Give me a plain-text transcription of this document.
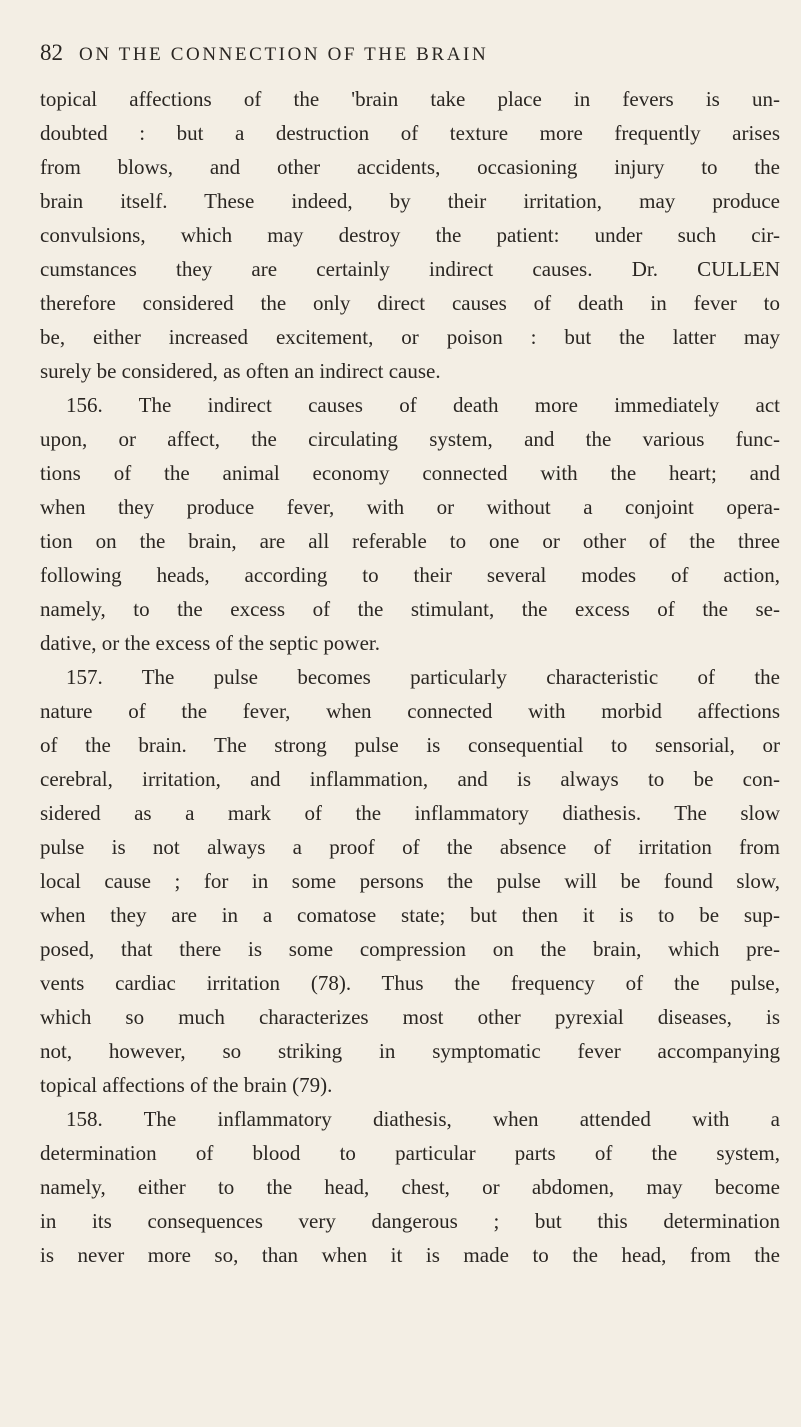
82 ON THE CONNECTION OF THE BRAIN
topical affections of the 'brain take place in fevers is un-
doubted : but a destruction of texture more frequently arises
from blows, and other accidents, occasioning injury to the
brain itself. These indeed, by their irritation, may produce
convulsions, which may destroy the patient: under such cir-
cumstances they are certainly indirect causes. Dr. CULLEN
therefore considered the only direct causes of death in fever to
be, either increased excitement, or poison : but the latter may
surely be considered, as often an indirect cause.
156. The indirect causes of death more immediately act
upon, or affect, the circulating system, and the various func-
tions of the animal economy connected with the heart; and
when they produce fever, with or without a conjoint opera-
tion on the brain, are all referable to one or other of the three
following heads, according to their several modes of action,
namely, to the excess of the stimulant, the excess of the se-
dative, or the excess of the septic power.
157. The pulse becomes particularly characteristic of the
nature of the fever, when connected with morbid affections
of the brain. The strong pulse is consequential to sensorial, or
cerebral, irritation, and inflammation, and is always to be con-
sidered as a mark of the inflammatory diathesis. The slow
pulse is not always a proof of the absence of irritation from
local cause ; for in some persons the pulse will be found slow,
when they are in a comatose state; but then it is to be sup-
posed, that there is some compression on the brain, which pre-
vents cardiac irritation (78). Thus the frequency of the pulse,
which so much characterizes most other pyrexial diseases, is
not, however, so striking in symptomatic fever accompanying
topical affections of the brain (79).
158. The inflammatory diathesis, when attended with a
determination of blood to particular parts of the system,
namely, either to the head, chest, or abdomen, may become
in its consequences very dangerous ; but this determination
is never more so, than when it is made to the head, from the
